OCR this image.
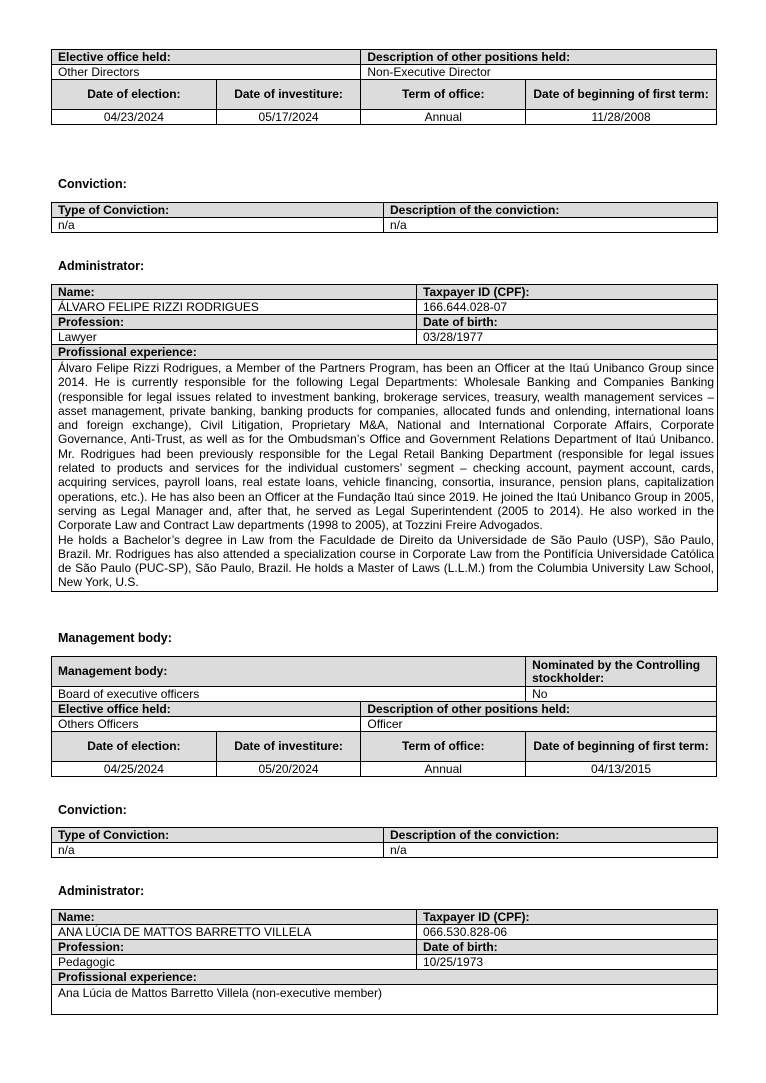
Elective office held:		Description of other positions held:	
Other Directors		Non-Executive Director	
Date of election:	Date of investiture:	Term of office:	Date of beginning of first term:
04/23/2024	05/17/2024	Annual	11/28/2008
Conviction:
Type of Conviction:	Description of the conviction:
n/a	n/a
Administrator:
Name:	Taxpayer ID (CPF):
ÁLVARO FELIPE RIZZI RODRIGUES	166.644.028-07
Profession:	Date of birth:
Lawyer	03/28/1977
Profissional experience:	

Álvaro Felipe Rizzi Rodrigues, a Member of the Partners Program, has been an Officer at the Itaú Unibanco Group since 2014. He is currently responsible for the following Legal Departments: Wholesale Banking and Companies Banking (responsible for legal issues related to investment banking, brokerage services, treasury, wealth management services – asset management, private banking, banking products for companies, allocated funds and onlending, international loans and foreign exchange), Civil Litigation, Proprietary M&A, National and International Corporate Affairs, Corporate Governance, Anti-Trust, as well as for the Ombudsman’s Office and Government Relations Department of Itaú Unibanco. Mr. Rodrigues had been previously responsible for the Legal Retail Banking Department (responsible for legal issues related to products and services for the individual customers’ segment – checking account, payment account, cards, acquiring services, payroll loans, real estate loans, vehicle financing, consortia, insurance, pension plans, capitalization operations, etc.). He has also been an Officer at the Fundação Itaú since 2019. He joined the Itaú Unibanco Group in 2005, serving as Legal Manager and, after that, he served as Legal Superintendent (2005 to 2014). He also worked in the Corporate Law and Contract Law departments (1998 to 2005), at Tozzini Freire Advogados.
He holds a Bachelor’s degree in Law from the Faculdade de Direito da Universidade de São Paulo (USP), São Paulo, Brazil. Mr. Rodrigues has also attended a specialization course in Corporate Law from the Pontifícia Universidade Católica de São Paulo (PUC-SP), São Paulo, Brazil. He holds a Master of Laws (L.L.M.) from the Columbia University Law School, New York, U.S.	
Management body:
Management body:			Nominated by the Controlling stockholder:
Board of executive officers			No
Elective office held:		Description of other positions held:	
Others Officers		Officer	
Date of election:	Date of investiture:	Term of office:	Date of beginning of first term:
04/25/2024	05/20/2024	Annual	04/13/2015
Conviction:
Type of Conviction:	Description of the conviction:
n/a	n/a
Administrator:
Name:	Taxpayer ID (CPF):
ANA LÚCIA DE MATTOS BARRETTO VILLELA	066.530.828-06
Profession:	Date of birth:
Pedagogic	10/25/1973
Profissional experience:	
Ana Lúcia de Mattos Barretto Villela (non-executive member)	
